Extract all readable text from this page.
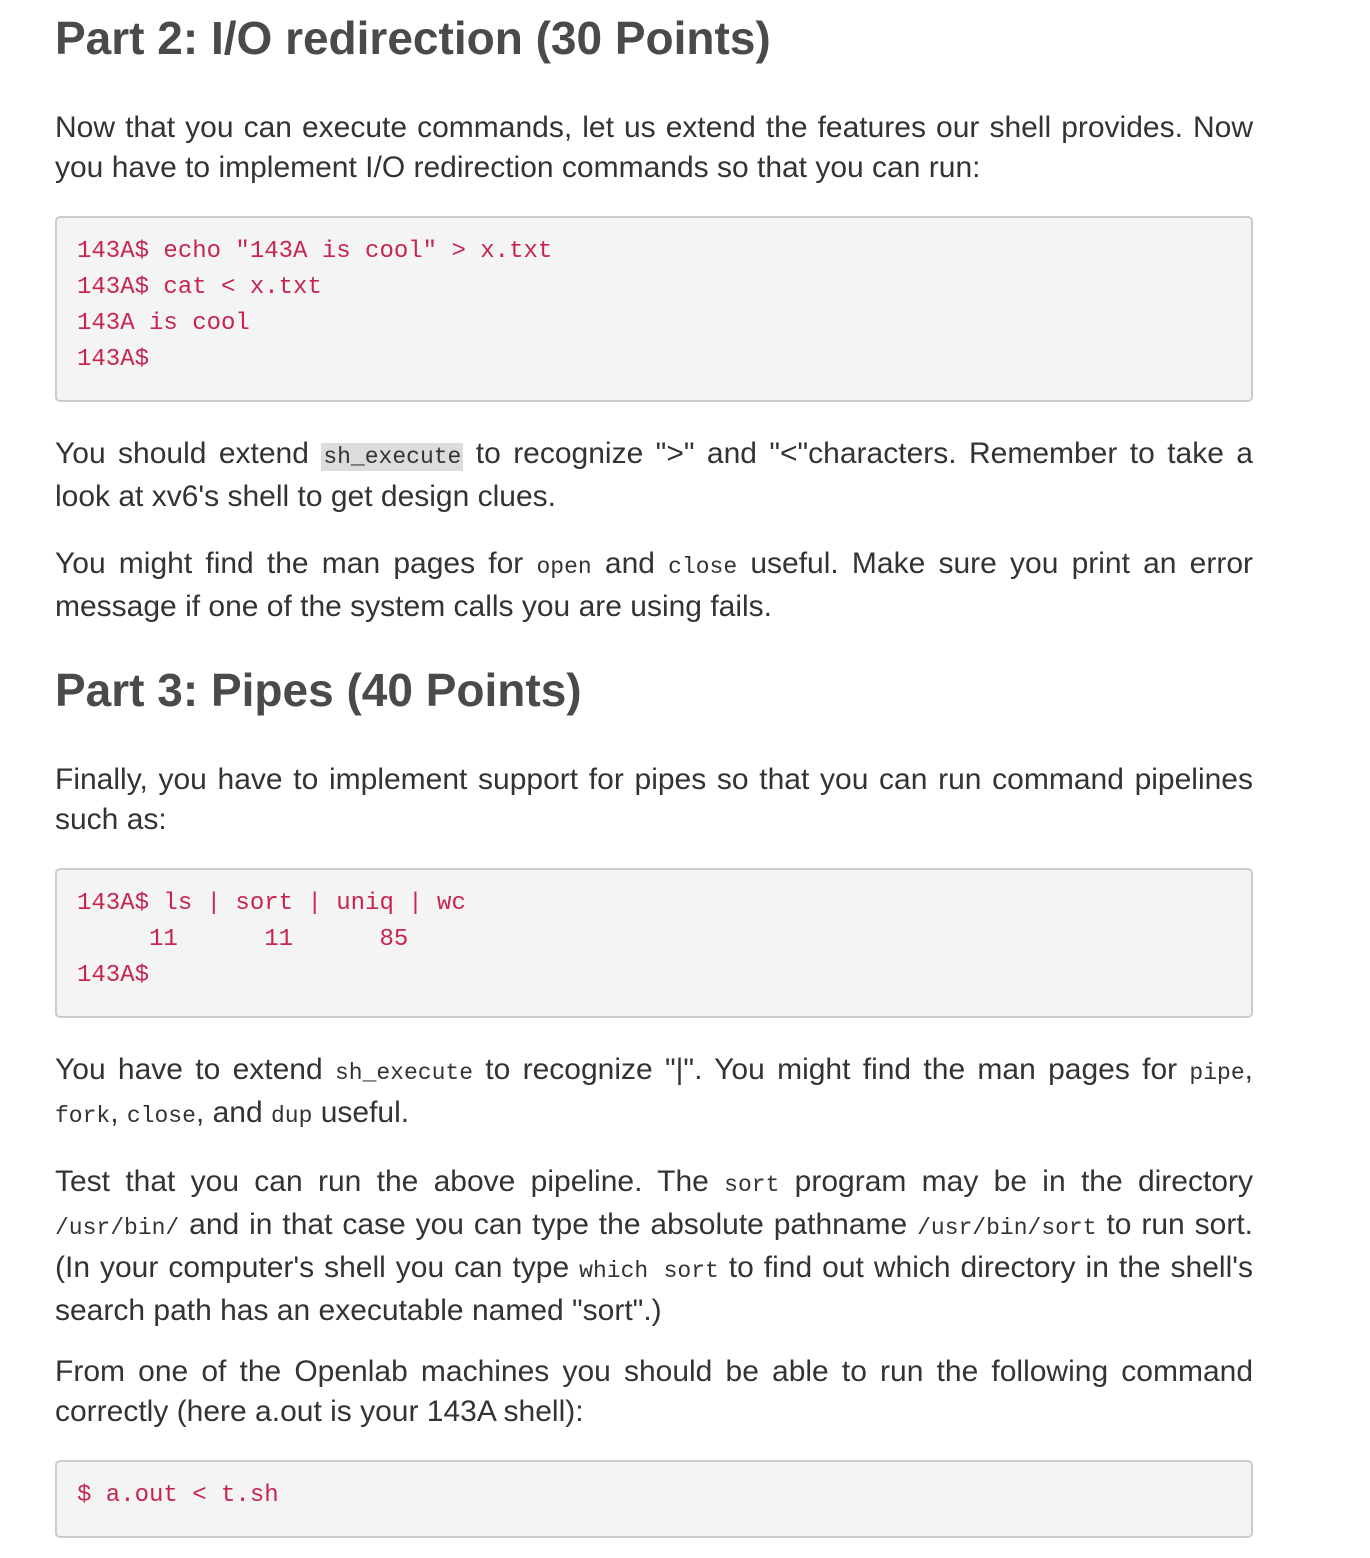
Part 2: I/O redirection (30 Points)

Now that you can execute commands, let us extend the features our shell provides. Now you have to implement I/O redirection commands so that you can run:

143A$ echo "143A is cool" > x.txt
143A$ cat < x.txt
143A is cool
143A$

You should extend sh_execute to recognize ">" and "<"characters. Remember to take a look at xv6's shell to get design clues.

You might find the man pages for open and close useful. Make sure you print an error message if one of the system calls you are using fails.

Part 3: Pipes (40 Points)

Finally, you have to implement support for pipes so that you can run command pipelines such as:

143A$ ls | sort | uniq | wc
11      11      85
143A$

You have to extend sh_execute to recognize "|". You might find the man pages for pipe, fork, close, and dup useful.

Test that you can run the above pipeline. The sort program may be in the directory /usr/bin/ and in that case you can type the absolute pathname /usr/bin/sort to run sort. (In your computer's shell you can type which sort to find out which directory in the shell's search path has an executable named "sort".)

From one of the Openlab machines you should be able to run the following command correctly (here a.out is your 143A shell):

$ a.out < t.sh
